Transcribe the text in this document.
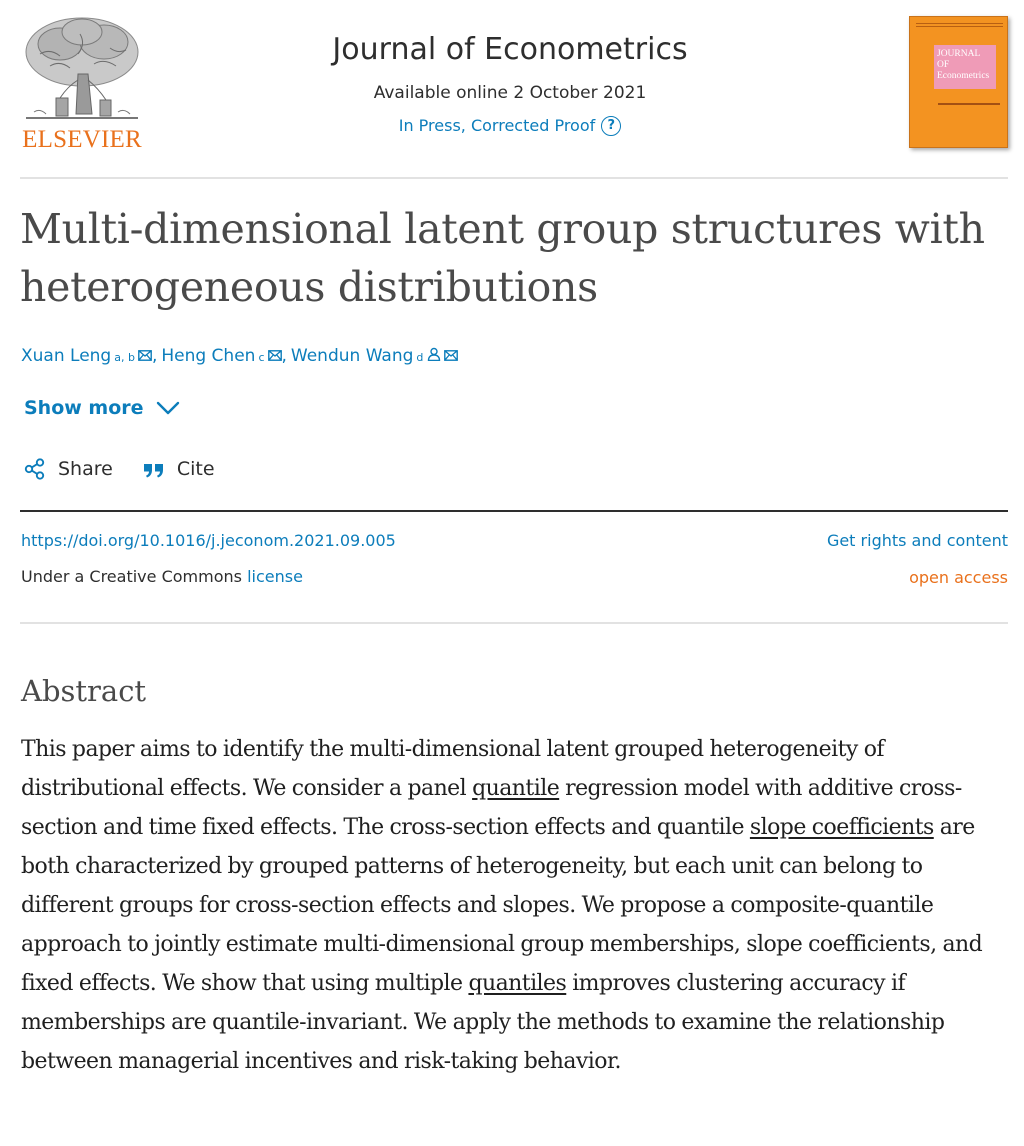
ELSEVIER
Journal of Econometrics
Available online 2 October 2021
In Press, Corrected Proof ?
JOURNAL OF Econometrics
Multi-dimensional latent group structures with heterogeneous distributions
Xuan Leng a, b , Heng Chen c , Wendun Wang d
Show more
Share	Cite
https://doi.org/10.1016/j.jeconom.2021.09.005	Get rights and content
Under a Creative Commons license	open access
Abstract
This paper aims to identify the multi-dimensional latent grouped heterogeneity of distributional effects. We consider a panel quantile regression model with additive cross-section and time fixed effects. The cross-section effects and quantile slope coefficients are both characterized by grouped patterns of heterogeneity, but each unit can belong to different groups for cross-section effects and slopes. We propose a composite-quantile approach to jointly estimate multi-dimensional group memberships, slope coefficients, and fixed effects. We show that using multiple quantiles improves clustering accuracy if memberships are quantile-invariant. We apply the methods to examine the relationship between managerial incentives and risk-taking behavior.
